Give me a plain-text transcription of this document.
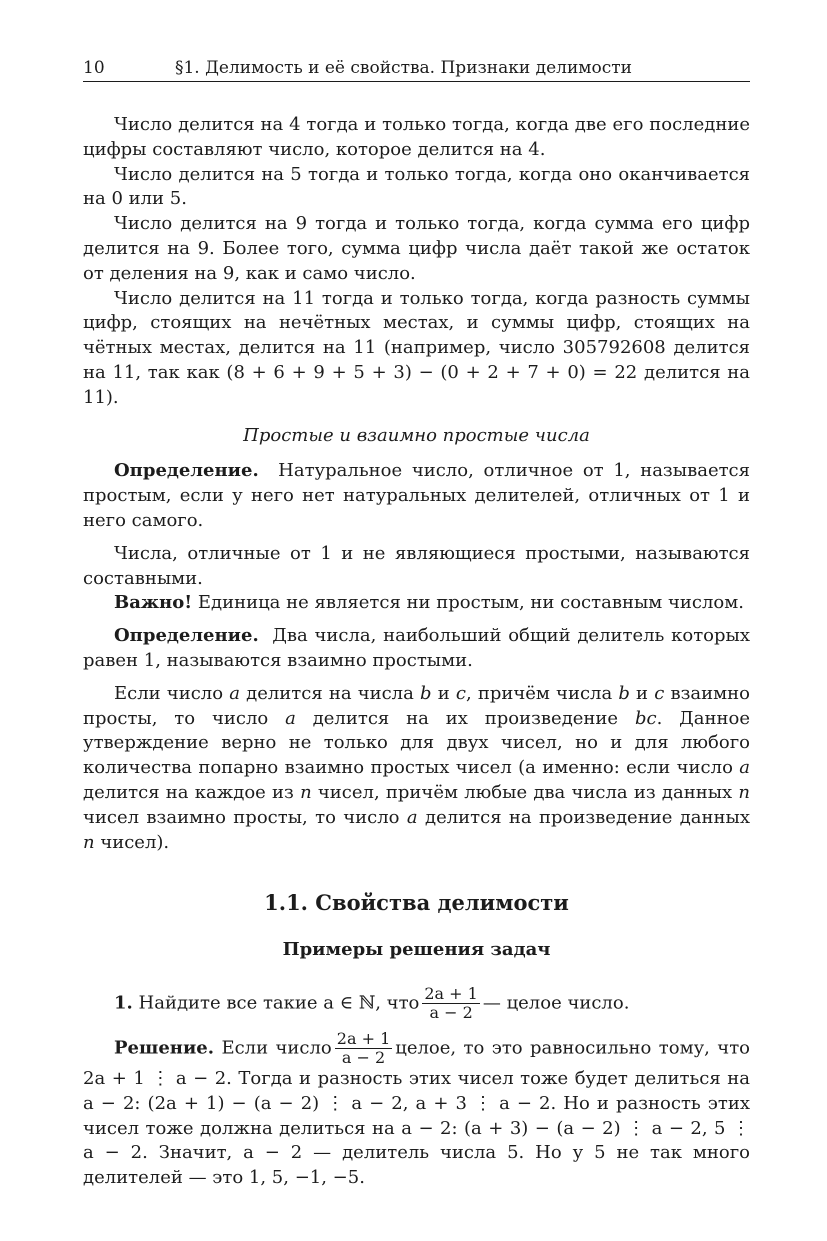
10	§1. Делимость и её свойства. Признаки делимости

Число делится на 4 тогда и только тогда, когда две его последние цифры составляют число, которое делится на 4.

Число делится на 5 тогда и только тогда, когда оно оканчивается на 0 или 5.

Число делится на 9 тогда и только тогда, когда сумма его цифр делится на 9. Более того, сумма цифр числа даёт такой же остаток от деления на 9, как и само число.

Число делится на 11 тогда и только тогда, когда разность суммы цифр, стоящих на нечётных местах, и суммы цифр, стоящих на чётных местах, делится на 11 (например, число 305792608 делится на 11, так как (8 + 6 + 9 + 5 + 3) − (0 + 2 + 7 + 0) = 22 делится на 11).

Простые и взаимно простые числа

Определение. Натуральное число, отличное от 1, называется простым, если у него нет натуральных делителей, отличных от 1 и него самого.

Числа, отличные от 1 и не являющиеся простыми, называются составными.

Важно! Единица не является ни простым, ни составным числом.

Определение. Два числа, наибольший общий делитель которых равен 1, называются взаимно простыми.

Если число a делится на числа b и c, причём числа b и c взаимно просты, то число a делится на их произведение bc. Данное утверждение верно не только для двух чисел, но и для любого количества попарно взаимно простых чисел (а именно: если число a делится на каждое из n чисел, причём любые два числа из данных n чисел взаимно просты, то число a делится на произведение данных n чисел).

1.1. Свойства делимости

Примеры решения задач

1. Найдите все такие a ∈ ℕ, что $\frac{2a + 1}{a - 2}$ — целое число.

Решение. Если число $\frac{2a + 1}{a - 2}$ целое, то это равносильно тому, что 2a + 1 ⋮ a − 2. Тогда и разность этих чисел тоже будет делиться на a − 2: (2a + 1) − (a − 2) ⋮ a − 2, a + 3 ⋮ a − 2. Но и разность этих чисел тоже должна делиться на a − 2: (a + 3) − (a − 2) ⋮ a − 2, 5 ⋮ a − 2. Значит, a − 2 — делитель числа 5. Но у 5 не так много делителей — это 1, 5, −1, −5.
